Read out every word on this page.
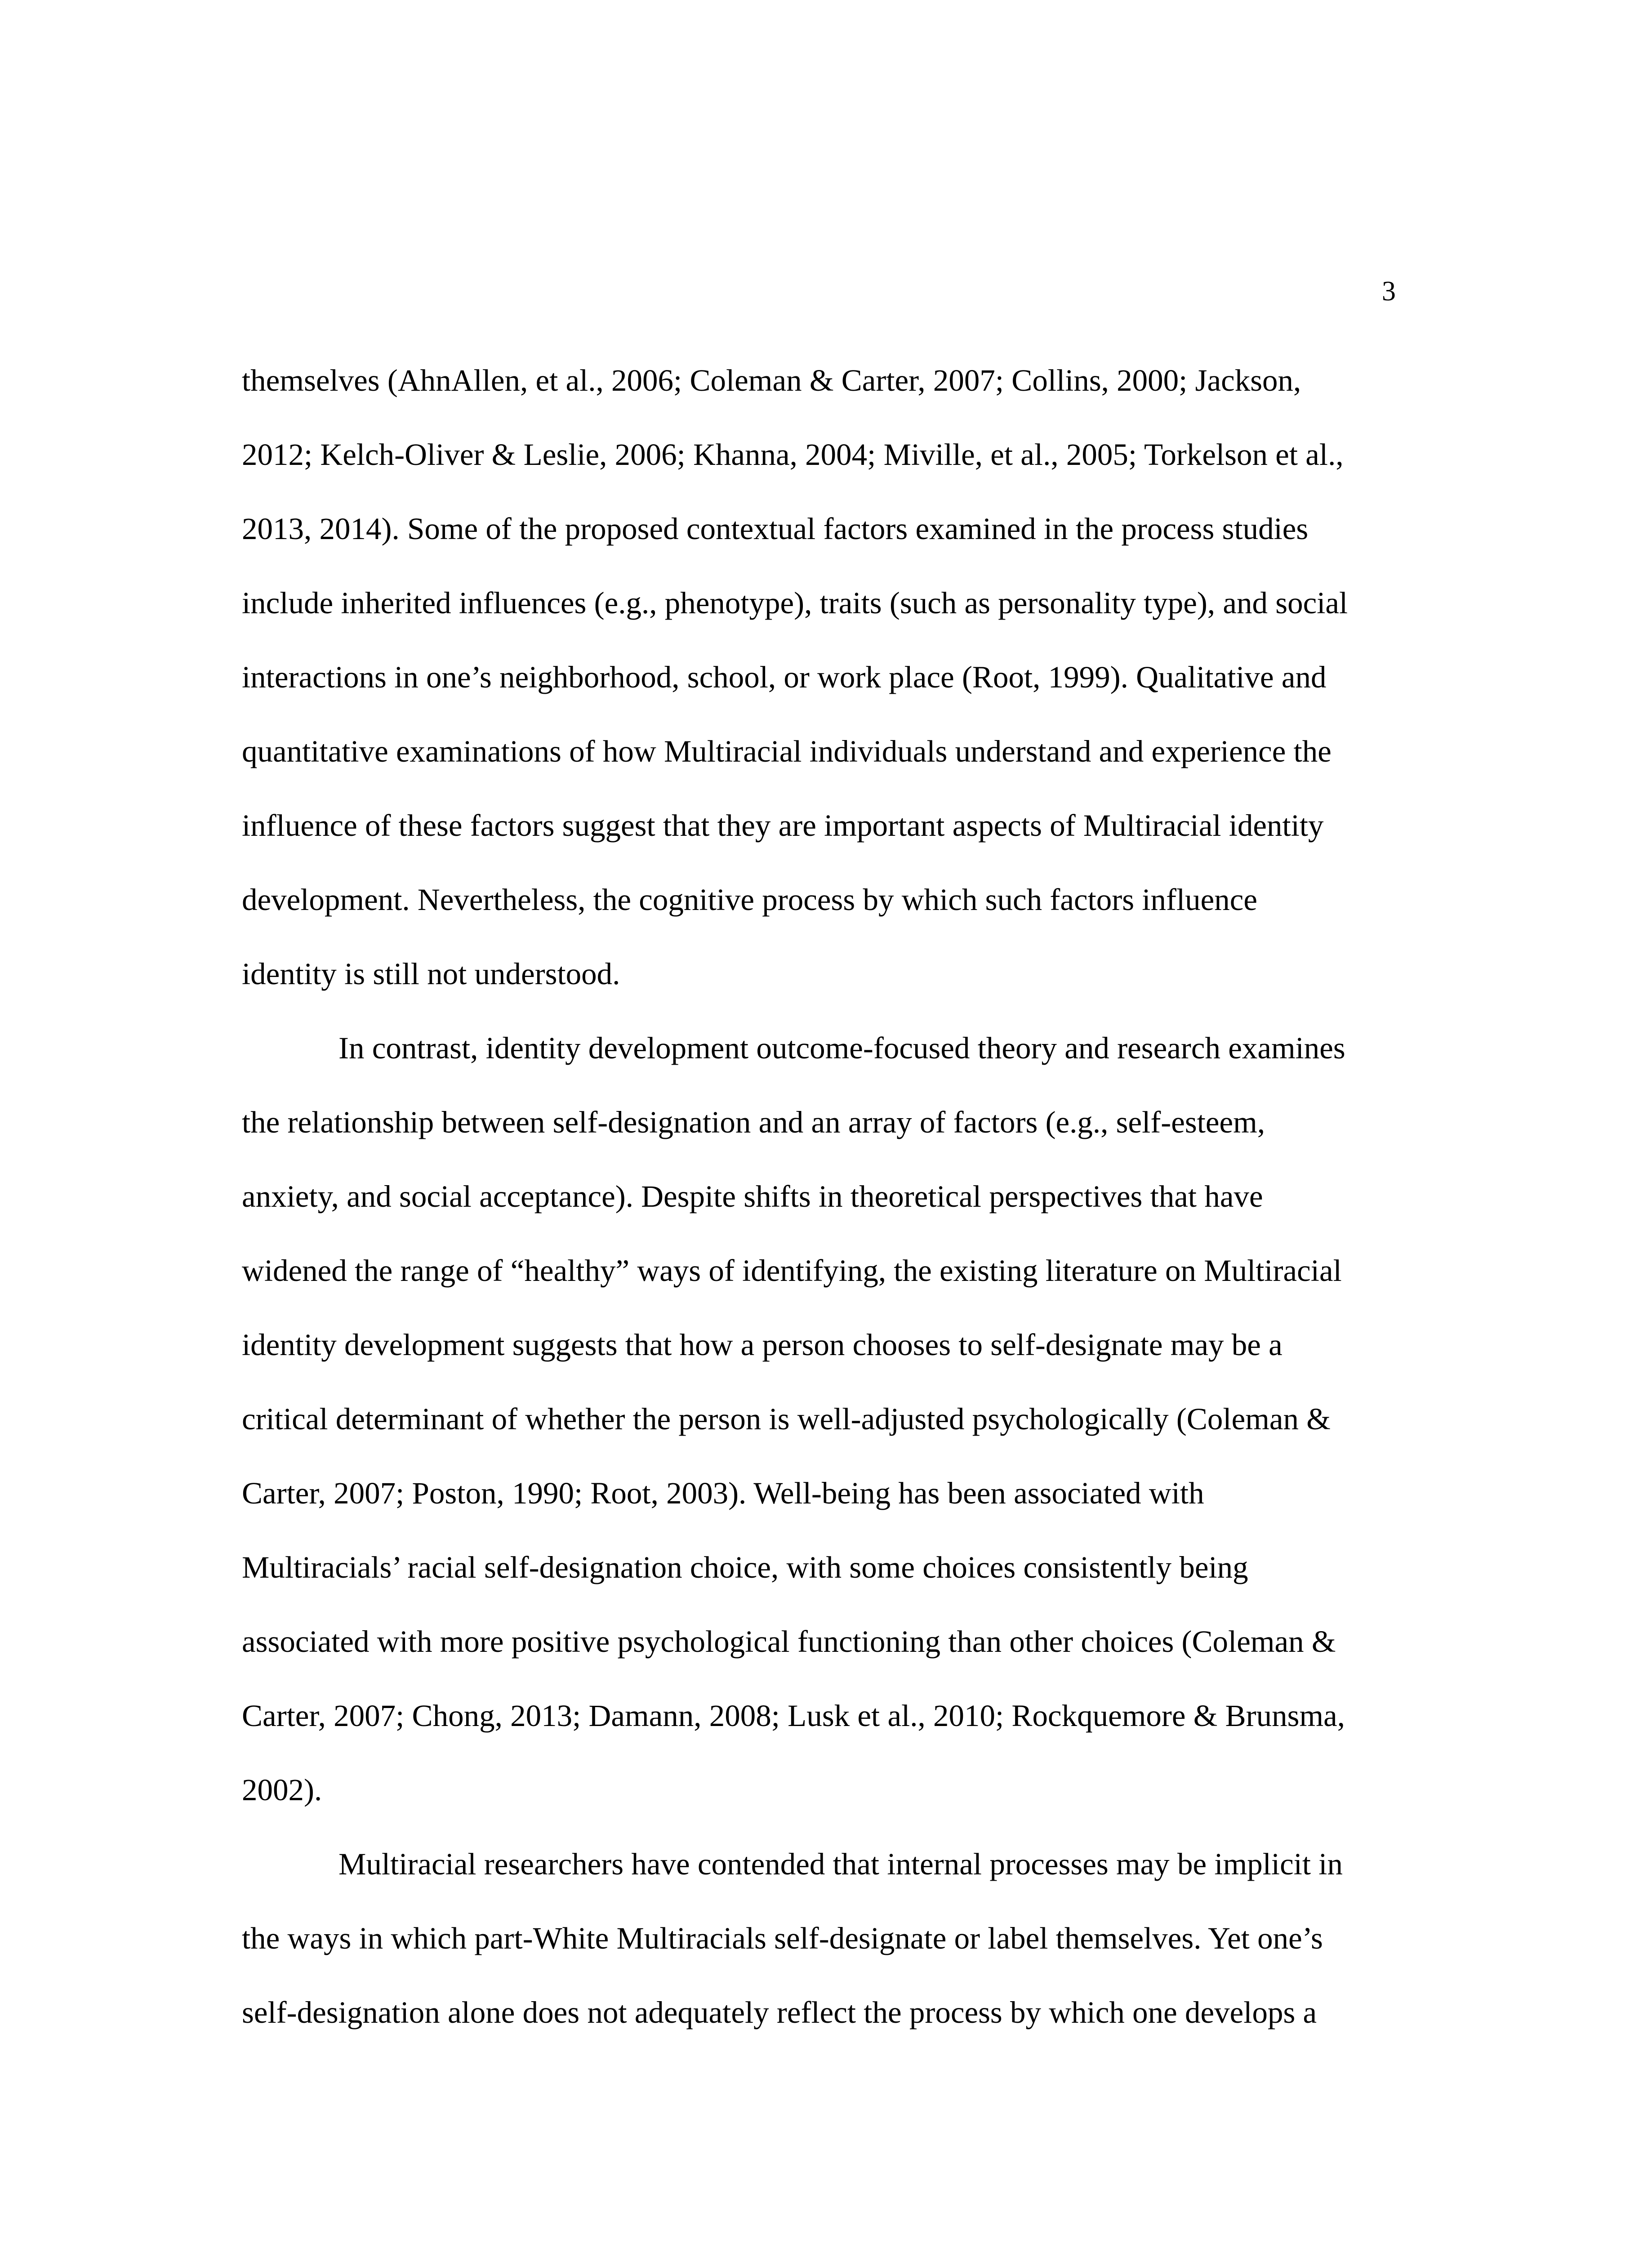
3
themselves (AhnAllen, et al., 2006; Coleman & Carter, 2007; Collins, 2000; Jackson,
2012; Kelch-Oliver & Leslie, 2006; Khanna, 2004; Miville, et al., 2005; Torkelson et al.,
2013, 2014). Some of the proposed contextual factors examined in the process studies
include inherited influences (e.g., phenotype), traits (such as personality type), and social
interactions in one’s neighborhood, school, or work place (Root, 1999). Qualitative and
quantitative examinations of how Multiracial individuals understand and experience the
influence of these factors suggest that they are important aspects of Multiracial identity
development. Nevertheless, the cognitive process by which such factors influence
identity is still not understood.
In contrast, identity development outcome-focused theory and research examines
the relationship between self-designation and an array of factors (e.g., self-esteem,
anxiety, and social acceptance). Despite shifts in theoretical perspectives that have
widened the range of “healthy” ways of identifying, the existing literature on Multiracial
identity development suggests that how a person chooses to self-designate may be a
critical determinant of whether the person is well-adjusted psychologically (Coleman &
Carter, 2007; Poston, 1990; Root, 2003). Well-being has been associated with
Multiracials’ racial self-designation choice, with some choices consistently being
associated with more positive psychological functioning than other choices (Coleman &
Carter, 2007; Chong, 2013; Damann, 2008; Lusk et al., 2010; Rockquemore & Brunsma,
2002).
Multiracial researchers have contended that internal processes may be implicit in
the ways in which part-White Multiracials self-designate or label themselves. Yet one’s
self-designation alone does not adequately reflect the process by which one develops a
